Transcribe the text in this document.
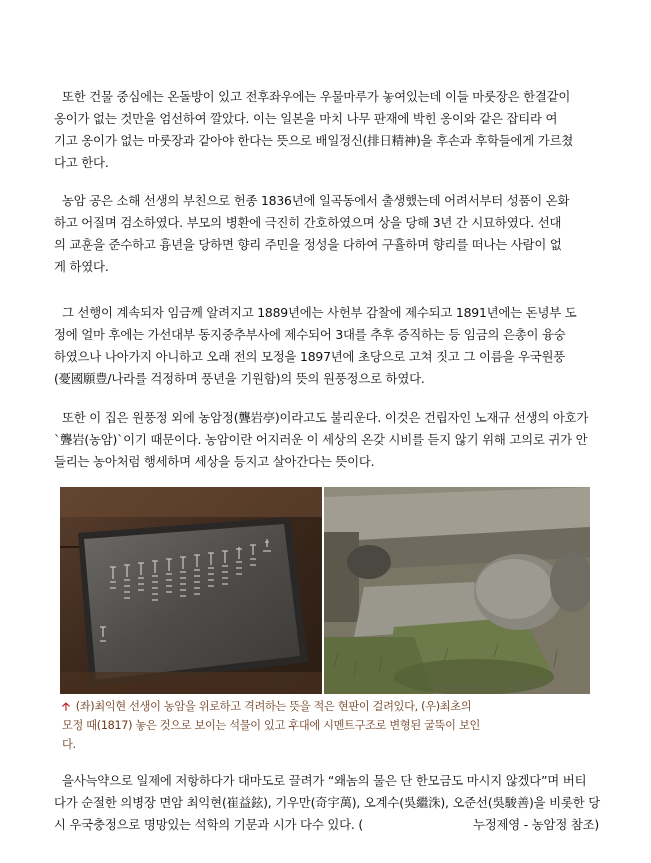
또한 건물 중심에는 온돌방이 있고 전후좌우에는 우물마루가 놓여있는데 이들 마룻장은 한결같이
옹이가 없는 것만을 엄선하여 깔았다. 이는 일본을 마치 나무 판재에 박힌 옹이와 같은 잡티라 여
기고 옹이가 없는 마룻장과 같아야 한다는 뜻으로 배일정신(排日精神)을 후손과 후학들에게 가르쳤
다고 한다.
농암 공은 소해 선생의 부친으로 헌종 1836년에 일곡동에서 출생했는데 어려서부터 성품이 온화
하고 어질며 검소하였다. 부모의 병환에 극진히 간호하였으며 상을 당해 3년 간 시묘하였다. 선대
의 교훈을 준수하고 흉년을 당하면 향리 주민을 정성을 다하여 구휼하며 향리를 떠나는 사람이 없
게 하였다.
그 선행이 계속되자 임금께 알려지고 1889년에는 사헌부 감찰에 제수되고 1891년에는 돈녕부 도
정에 얼마 후에는 가선대부 동지중추부사에 제수되어 3대를 추후 증직하는 등 임금의 은총이 융숭
하였으나 나아가지 아니하고 오래 전의 모정을 1897년에 초당으로 고쳐 짓고 그 이름을 우국원풍
(憂國願豊/나라를 걱정하며 풍년을 기원함)의 뜻의 원풍정으로 하였다.
또한 이 집은 원풍정 외에 농암정(聾岩亭)이라고도 불리운다. 이것은 건립자인 노재규 선생의 아호가
`聾岩(농암)`이기 때문이다. 농암이란 어지러운 이 세상의 온갖 시비를 듣지 않기 위해 고의로 귀가 안
들리는 농아처럼 행세하며 세상을 등지고 살아간다는 뜻이다.
🡡 (좌)최익현 선생이 농암을 위로하고 격려하는 뜻을 적은 현판이 걸려있다, (우)최초의
모정 때(1817) 놓은 것으로 보이는 석물이 있고 후대에 시멘트구조로 변형된 굴뚝이 보인
다.
을사늑약으로 일제에 저항하다가 대마도로 끌려가 “왜놈의 물은 단 한모금도 마시지 않겠다”며 버티
다가 순절한 의병장 면암 최익현(崔益鉉), 기우만(奇宇萬), 오계수(吳繼洙), 오준선(吳駿善)을 비롯한 당
시 우국충정으로 명망있는 석학의 기문과 시가 다수 있다. (	누정제영 - 농암정 참조)
